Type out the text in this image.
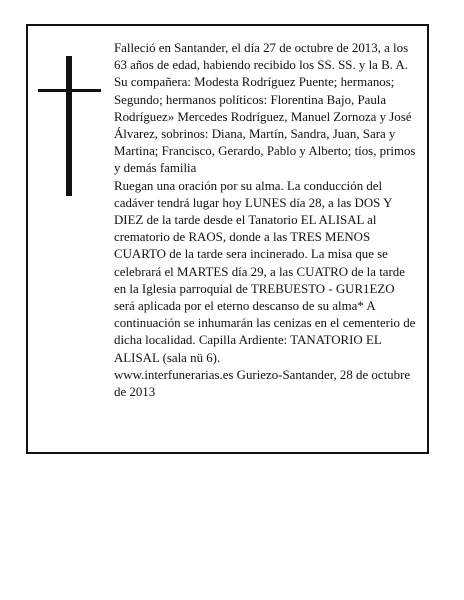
Falleció en Santander, el día 27 de octubre de 2013, a los 63 años de edad, habiendo recibido los SS. SS. y la B. A.

Su compañera: Modesta Rodríguez Puente; hermanos; Segundo; hermanos políticos: Florentina Bajo, Paula Rodríguez» Mercedes Rodríguez, Manuel Zornoza y José Álvarez, sobrinos: Diana, Martín, Sandra, Juan, Sara y Martina; Francisco, Gerardo, Pablo y Alberto; tíos, primos y demás familia

Ruegan una oración por su alma. La conducción del cadáver tendrá lugar hoy LUNES día 28, a las DOS Y DIEZ de la tarde desde el Tanatorio EL ALISAL al crematorio de RAOS, donde a las TRES MENOS CUARTO de la tarde sera incinerado. La misa que se celebrará el MARTES día 29, a las CUATRO de la tarde en la Iglesia parroquial de TREBUESTO - GUR1EZO será aplicada por el eterno descanso de su alma* A continuación se inhumarán las cenizas en el cementerio de dicha localidad. Capilla Ardiente: TANATORIO EL ALISAL (sala nü 6).

www.interfunerarias.es Guriezo-Santander, 28 de octubre de 2013
